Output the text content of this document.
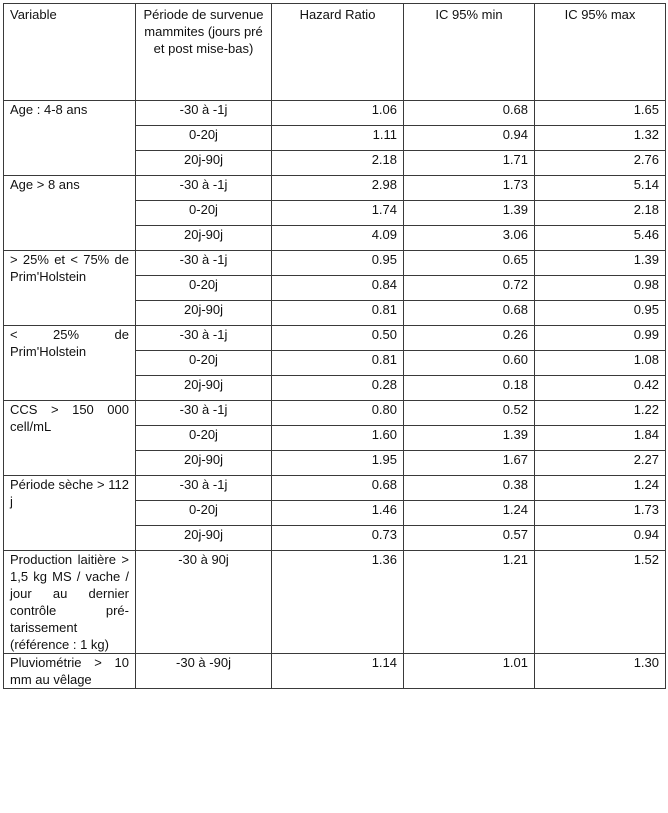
Variable	Période de survenue mammites (jours pré et post mise-bas)	Hazard Ratio	IC 95% min	IC 95% max
Age : 4-8 ans	-30 à -1j	1.06	0.68	1.65
	0-20j	1.11	0.94	1.32
	20j-90j	2.18	1.71	2.76
Age > 8 ans	-30 à -1j	2.98	1.73	5.14
	0-20j	1.74	1.39	2.18
	20j-90j	4.09	3.06	5.46
> 25% et < 75% de Prim'Holstein	-30 à -1j	0.95	0.65	1.39
	0-20j	0.84	0.72	0.98
	20j-90j	0.81	0.68	0.95
< 25% de Prim'Holstein	-30 à -1j	0.50	0.26	0.99
	0-20j	0.81	0.60	1.08
	20j-90j	0.28	0.18	0.42
CCS > 150 000 cell/mL	-30 à -1j	0.80	0.52	1.22
	0-20j	1.60	1.39	1.84
	20j-90j	1.95	1.67	2.27
Période sèche > 112 j	-30 à -1j	0.68	0.38	1.24
	0-20j	1.46	1.24	1.73
	20j-90j	0.73	0.57	0.94
Production laitière > 1,5 kg MS / vache / jour au dernier contrôle pré-tarissement (référence : 1 kg)	-30 à 90j	1.36	1.21	1.52
Pluviométrie > 10 mm au vêlage	-30 à -90j	1.14	1.01	1.30
